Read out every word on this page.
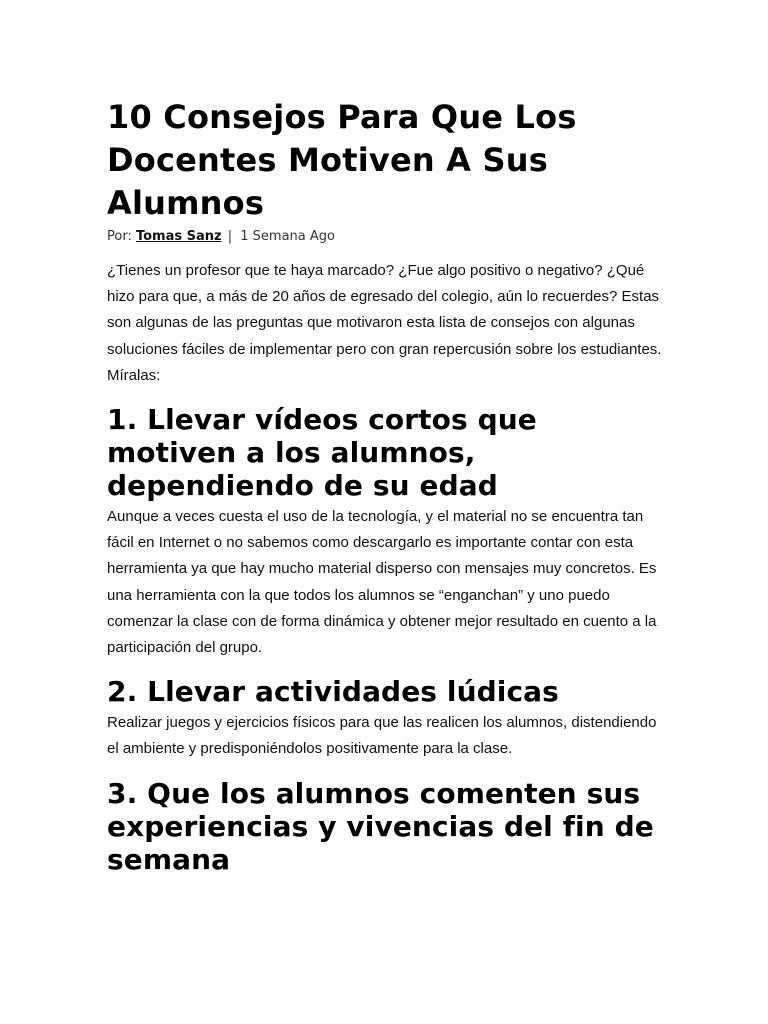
10 Consejos Para Que Los Docentes Motiven A Sus Alumnos
Por: Tomas Sanz | 1 Semana Ago

¿Tienes un profesor que te haya marcado? ¿Fue algo positivo o negativo? ¿Qué hizo para que, a más de 20 años de egresado del colegio, aún lo recuerdes? Estas son algunas de las preguntas que motivaron esta lista de consejos con algunas soluciones fáciles de implementar pero con gran repercusión sobre los estudiantes. Míralas:

1. Llevar vídeos cortos que motiven a los alumnos, dependiendo de su edad

Aunque a veces cuesta el uso de la tecnología, y el material no se encuentra tan fácil en Internet o no sabemos como descargarlo es importante contar con esta herramienta ya que hay mucho material disperso con mensajes muy concretos. Es una herramienta con la que todos los alumnos se “enganchan” y uno puedo comenzar la clase con de forma dinámica y obtener mejor resultado en cuento a la participación del grupo.

2. Llevar actividades lúdicas

Realizar juegos y ejercicios físicos para que las realicen los alumnos, distendiendo el ambiente y predisponiéndolos positivamente para la clase.

3. Que los alumnos comenten sus experiencias y vivencias del fin de semana
